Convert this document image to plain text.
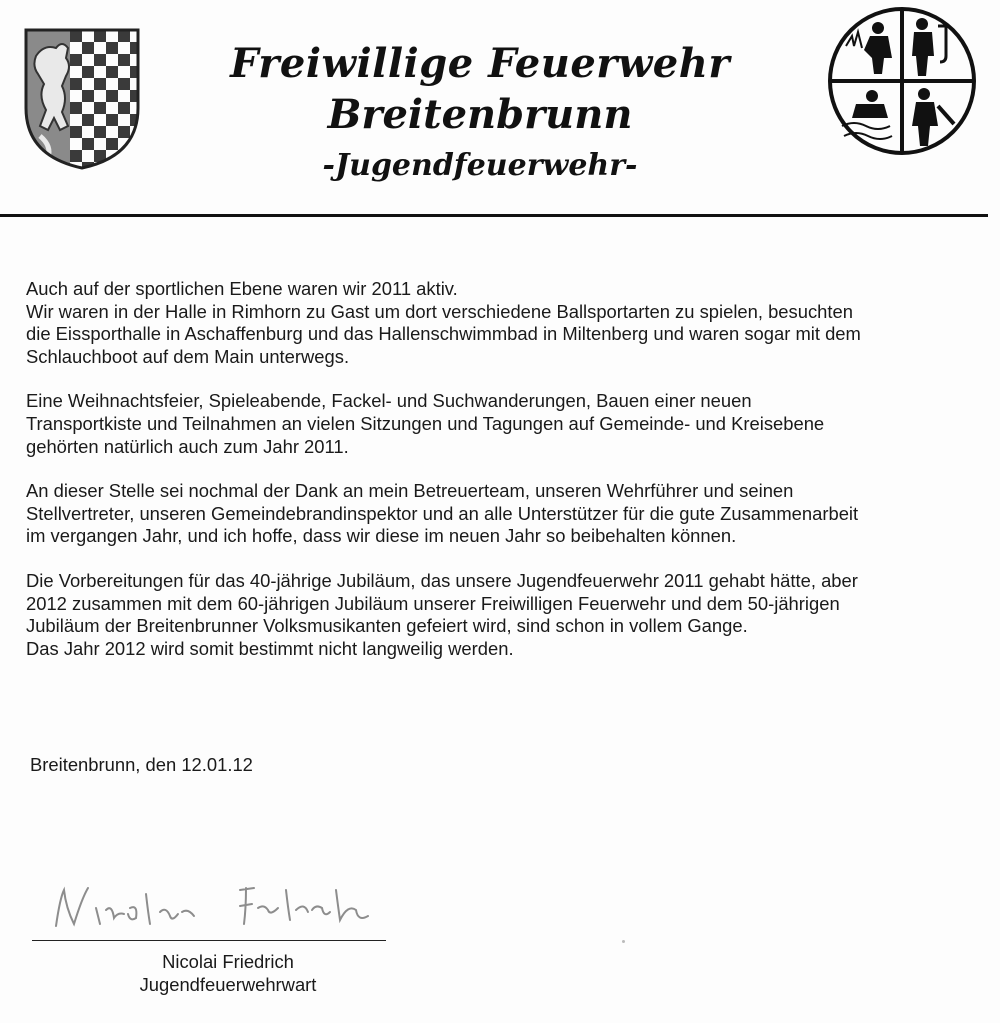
Freiwillige Feuerwehr
Breitenbrunn
-Jugendfeuerwehr-

Auch auf der sportlichen Ebene waren wir 2011 aktiv.
Wir waren in der Halle in Rimhorn zu Gast um dort verschiedene Ballsportarten zu spielen, besuchten
die Eissporthalle in Aschaffenburg und das Hallenschwimmbad in Miltenberg und waren sogar mit dem
Schlauchboot auf dem Main unterwegs.

Eine Weihnachtsfeier, Spieleabende, Fackel- und Suchwanderungen, Bauen einer neuen
Transportkiste und Teilnahmen an vielen Sitzungen und Tagungen auf Gemeinde- und Kreisebene
gehörten natürlich auch zum Jahr 2011.

An dieser Stelle sei nochmal der Dank an mein Betreuerteam, unseren Wehrführer und seinen
Stellvertreter, unseren Gemeindebrandinspektor und an alle Unterstützer für die gute Zusammenarbeit
im vergangen Jahr, und ich hoffe, dass wir diese im neuen Jahr so beibehalten können.

Die Vorbereitungen für das 40-jährige Jubiläum, das unsere Jugendfeuerwehr 2011 gehabt hätte, aber
2012 zusammen mit dem 60-jährigen Jubiläum unserer Freiwilligen Feuerwehr und dem 50-jährigen
Jubiläum der Breitenbrunner Volksmusikanten gefeiert wird, sind schon in vollem Gange.
Das Jahr 2012 wird somit bestimmt nicht langweilig werden.

Breitenbrunn, den 12.01.12
Nicolai Friedrich
Jugendfeuerwehrwart
